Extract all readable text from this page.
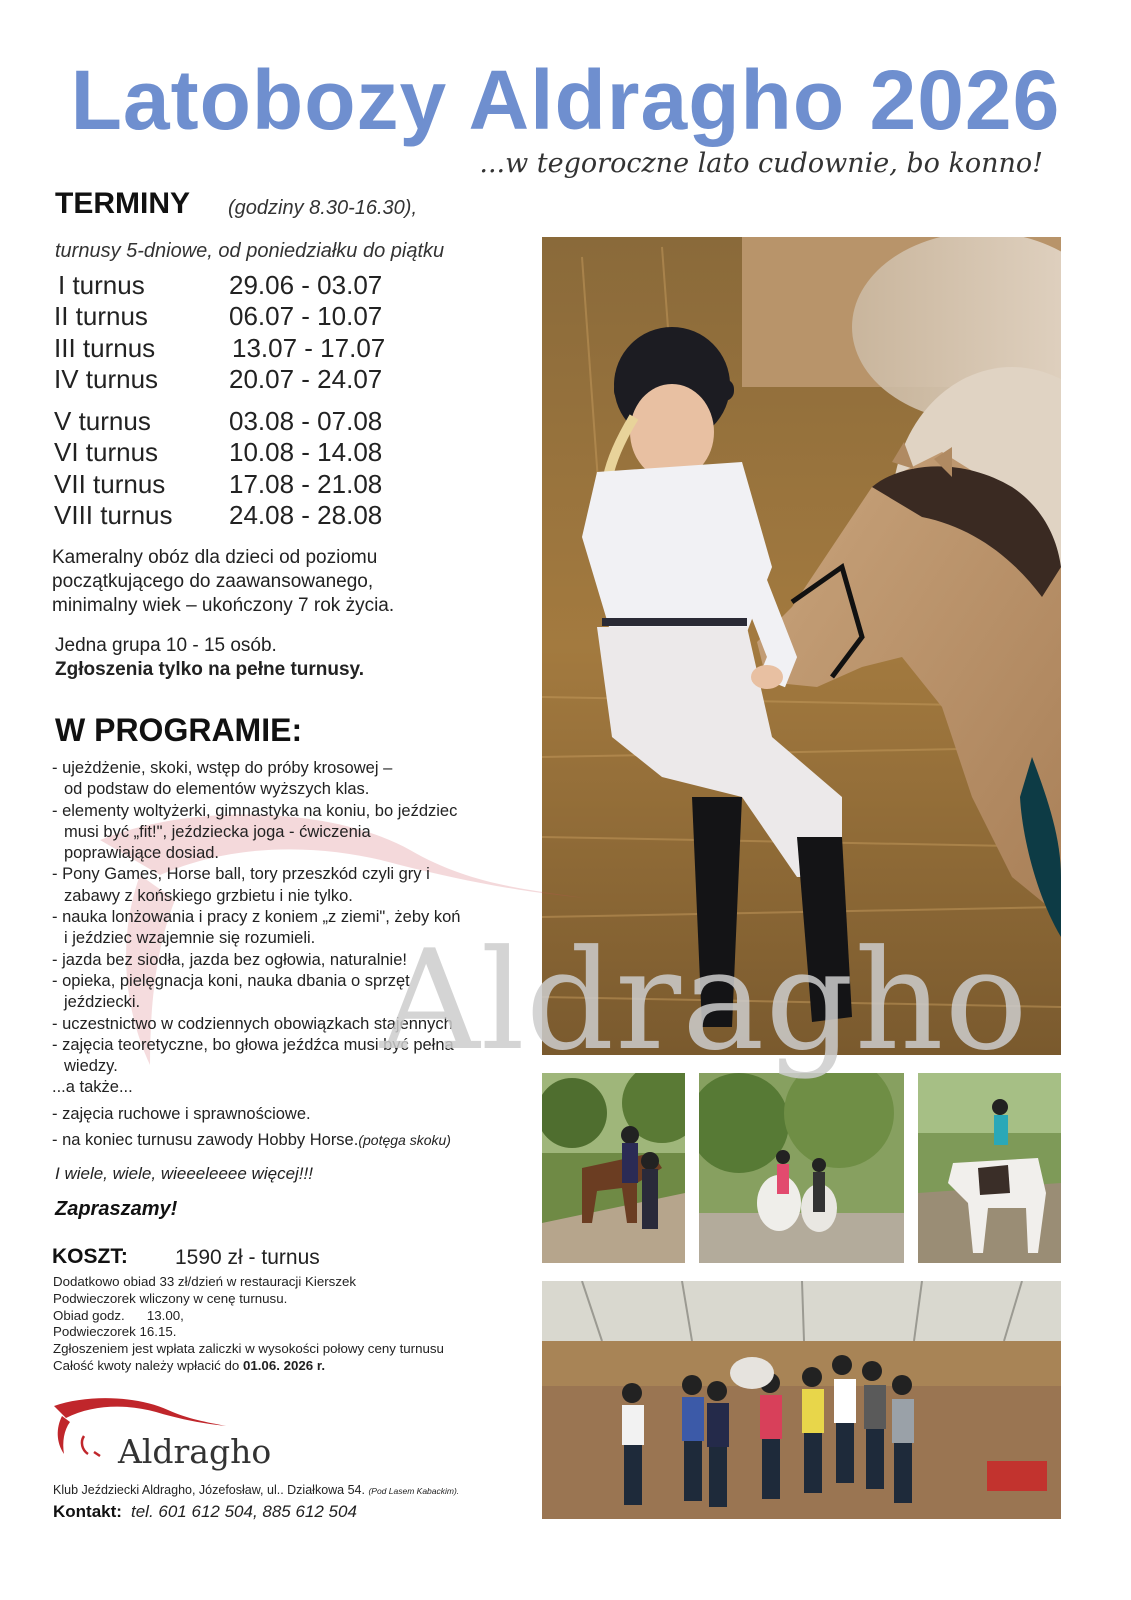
Latobozy Aldragho 2026
...w tegoroczne lato cudownie, bo konno!
TERMINY (godziny 8.30-16.30),
turnusy 5-dniowe, od poniedziałku do piątku
I turnus	29.06 - 03.07
II turnus	06.07 - 10.07
III turnus	13.07 - 17.07
IV turnus	20.07 - 24.07
V turnus	03.08 - 07.08
VI turnus	10.08 - 14.08
VII turnus 17.08 - 21.08
VIII turnus 24.08 - 28.08
Kameralny obóz dla dzieci od poziomu
początkującego do zaawansowanego,
minimalny wiek – ukończony 7 rok życia.
Jedna grupa 10 - 15 osób.
Zgłoszenia tylko na pełne turnusy.
W PROGRAMIE:
- ujeżdżenie, skoki, wstęp do próby krosowej –
od podstaw do elementów wyższych klas.
- elementy woltyżerki, gimnastyka na koniu, bo jeździec
musi być „fit!", jeździecka joga - ćwiczenia
poprawiające dosiad.
- Pony Games, Horse ball, tory przeszkód czyli gry i
zabawy z końskiego grzbietu i nie tylko.
- nauka lonżowania i pracy z koniem „z ziemi", żeby koń
i jeździec wzajemnie się rozumieli.
- jazda bez siodła, jazda bez ogłowia, naturalnie!
- opieka, pielęgnacja koni, nauka dbania o sprzęt
jeździecki.
- uczestnictwo w codziennych obowiązkach stajennych
- zajęcia teoretyczne, bo głowa jeźdźca musi być pełna
wiedzy.
...a także...
- zajęcia ruchowe i sprawnościowe.
- na koniec turnusu zawody Hobby Horse.(potęga skoku)
I wiele, wiele, wieeeleeee więcej!!!
Zapraszamy!
KOSZT: 1590 zł - turnus
Dodatkowo obiad 33 zł/dzień w restauracji Kierszek
Podwieczorek wliczony w cenę turnusu.
Obiad godz.      13.00,
Podwieczorek 16.15.
Zgłoszeniem jest wpłata zaliczki w wysokości połowy ceny turnusu
Całość kwoty należy wpłacić do 01.06. 2026 r.
Aldragho
Klub Jeździecki Aldragho, Józefosław, ul.. Działkowa 54. (Pod Lasem Kabackim).
Kontakt: tel. 601 612 504, 885 612 504
Aldragho
